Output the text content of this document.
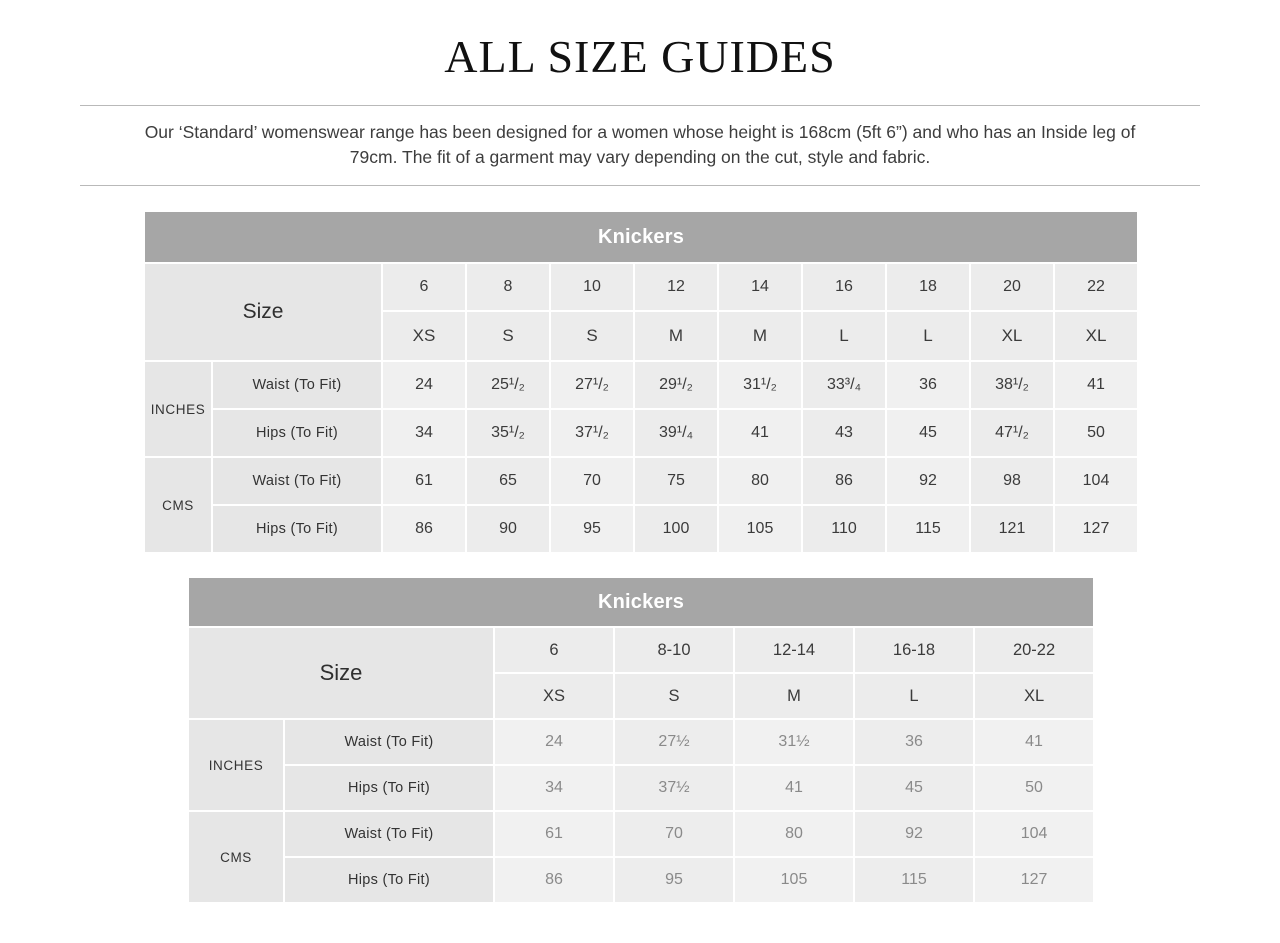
ALL SIZE GUIDES

Our ‘Standard’ womenswear range has been designed for a women whose height is 168cm (5ft 6”) and who has an Inside leg of 79cm. The fit of a garment may vary depending on the cut, style and fabric.

Knickers										
Size		6	8	10	12	14	16	18	20	22
		XS	S	S	M	M	L	L	XL	XL
INCHES	Waist (To Fit)	24	25¹/₂	27¹/₂	29¹/₂	31¹/₂	33³/₄	36	38¹/₂	41
	Hips (To Fit)	34	35¹/₂	37¹/₂	39¹/₄	41	43	45	47¹/₂	50
CMS	Waist (To Fit)	61	65	70	75	80	86	92	98	104
	Hips (To Fit)	86	90	95	100	105	110	115	121	127
Knickers						
Size		6	8-10	12-14	16-18	20-22
		XS	S	M	L	XL
INCHES	Waist (To Fit)	24	27½	31½	36	41
	Hips (To Fit)	34	37½	41	45	50
CMS	Waist (To Fit)	61	70	80	92	104
	Hips (To Fit)	86	95	105	115	127
